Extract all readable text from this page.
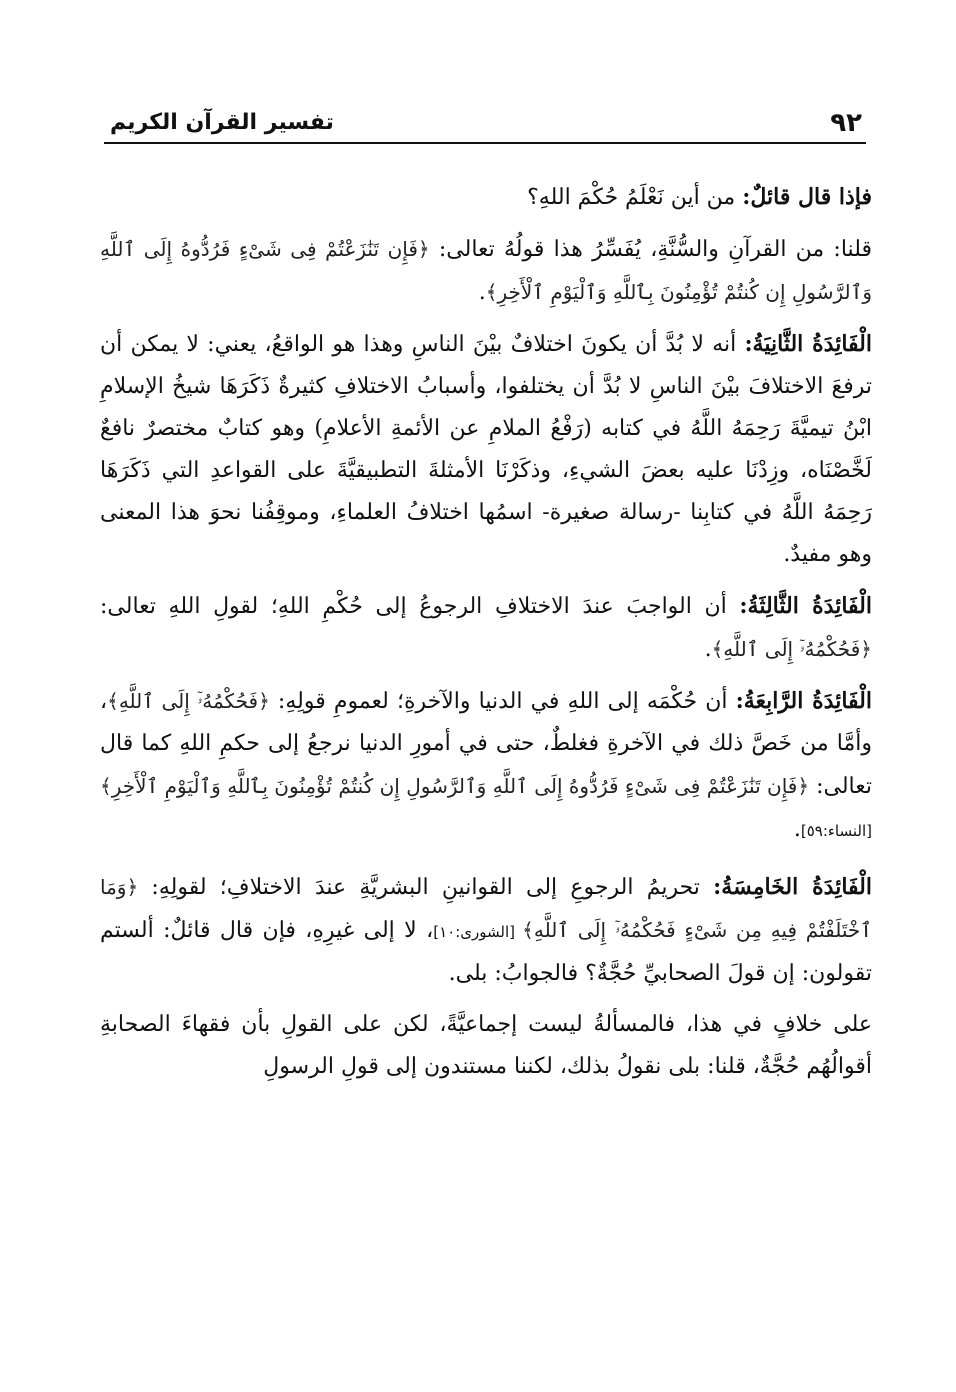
٩٢
تفسير القرآن الكريم

فإذا قال قائلٌ: من أين نَعْلَمُ حُكْمَ اللهِ؟

قلنا: من القرآنِ والسُّنَّةِ، يُفَسِّرُ هذا قولُهُ تعالى: ﴿فَإِن تَنَٰزَعْتُمْ فِى شَىْءٍ فَرُدُّوهُ إِلَى ٱللَّهِ وَٱلرَّسُولِ إِن كُنتُمْ تُؤْمِنُونَ بِٱللَّهِ وَٱلْيَوْمِ ٱلْأَخِرِ﴾.

الْفَائِدَةُ الثَّانِيَةُ: أنه لا بُدَّ أن يكونَ اختلافٌ بيْنَ الناسِ وهذا هو الواقعُ، يعني: لا يمكن أن ترفعَ الاختلافَ بيْنَ الناسِ لا بُدَّ أن يختلفوا، وأسبابُ الاختلافِ كثيرةٌ ذَكَرَهَا شيخُ الإسلامِ ابْنُ تيميَّةَ رَحِمَهُ اللَّهُ في كتابه (رَفْعُ الملامِ عن الأئمةِ الأعلامِ) وهو كتابٌ مختصرٌ نافعٌ لَخَّصْنَاه، وزِدْنَا عليه بعضَ الشيءِ، وذكَرْنَا الأمثلةَ التطبيقيَّةَ على القواعدِ التي ذَكَرَهَا رَحِمَهُ اللَّهُ في كتابِنا -رسالة صغيرة- اسمُها اختلافُ العلماءِ، وموقِفُنا نحوَ هذا المعنى وهو مفيدٌ.

الْفَائِدَةُ الثَّالِثَةُ: أن الواجبَ عندَ الاختلافِ الرجوعُ إلى حُكْمِ اللهِ؛ لقولِ اللهِ تعالى: ﴿فَحُكْمُهُۥٓ إِلَى ٱللَّهِ﴾.

الْفَائِدَةُ الرَّابِعَةُ: أن حُكْمَه إلى اللهِ في الدنيا والآخرةِ؛ لعمومِ قولِهِ: ﴿فَحُكْمُهُۥٓ إِلَى ٱللَّهِ﴾، وأمَّا من خَصَّ ذلك في الآخرةِ فغلطٌ، حتى في أمورِ الدنيا نرجعُ إلى حكمِ اللهِ كما قال تعالى: ﴿فَإِن تَنَٰزَعْتُمْ فِى شَىْءٍ فَرُدُّوهُ إِلَى ٱللَّهِ وَٱلرَّسُولِ إِن كُنتُمْ تُؤْمِنُونَ بِٱللَّهِ وَٱلْيَوْمِ ٱلْأَخِرِ﴾ [النساء:٥٩].

الْفَائِدَةُ الخَامِسَةُ: تحريمُ الرجوعِ إلى القوانينِ البشريَّةِ عندَ الاختلافِ؛ لقولِهِ: ﴿وَمَا ٱخْتَلَفْتُمْ فِيهِ مِن شَىْءٍ فَحُكْمُهُۥٓ إِلَى ٱللَّهِ﴾ [الشورى:١٠]، لا إلى غيرِهِ، فإن قال قائلٌ: ألستم تقولون: إن قولَ الصحابيِّ حُجَّةٌ؟ فالجوابُ: بلى.

على خلافٍ في هذا، فالمسألةُ ليست إجماعيَّةً، لكن على القولِ بأن فقهاءَ الصحابةِ أقوالُهُم حُجَّةٌ، قلنا: بلى نقولُ بذلك، لكننا مستندون إلى قولِ الرسولِ
